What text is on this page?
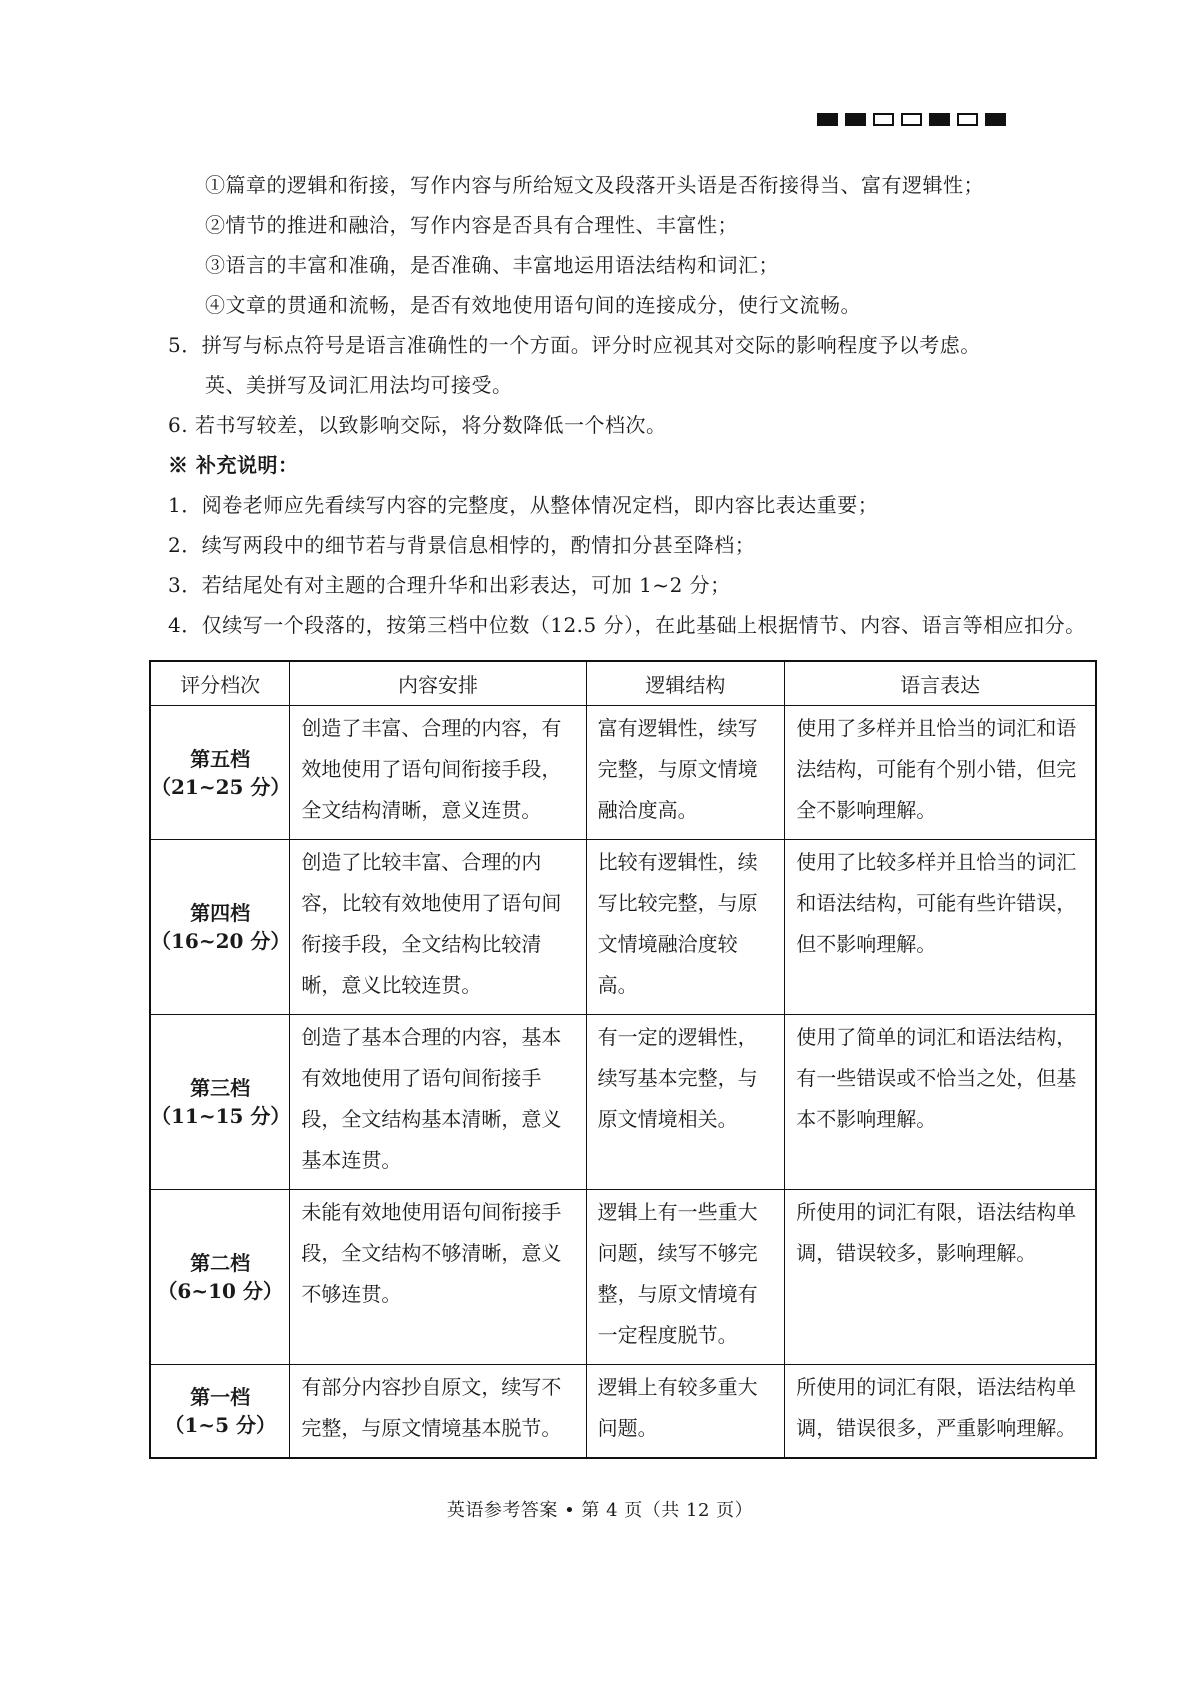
①篇章的逻辑和衔接，写作内容与所给短文及段落开头语是否衔接得当、富有逻辑性；
②情节的推进和融洽，写作内容是否具有合理性、丰富性；
③语言的丰富和准确，是否准确、丰富地运用语法结构和词汇；
④文章的贯通和流畅，是否有效地使用语句间的连接成分，使行文流畅。
5．拼写与标点符号是语言准确性的一个方面。评分时应视其对交际的影响程度予以考虑。
英、美拼写及词汇用法均可接受。
6. 若书写较差，以致影响交际，将分数降低一个档次。
※ 补充说明：
1．阅卷老师应先看续写内容的完整度，从整体情况定档，即内容比表达重要；
2．续写两段中的细节若与背景信息相悖的，酌情扣分甚至降档；
3．若结尾处有对主题的合理升华和出彩表达，可加 1~2 分；
4．仅续写一个段落的，按第三档中位数（12.5 分），在此基础上根据情节、内容、语言等相应扣分。
评分档次	内容安排	逻辑结构	语言表达

第五档
（21~25 分）	创造了丰富、合理的内容，有效地使用了语句间衔接手段，全文结构清晰，意义连贯。	富有逻辑性，续写完整，与原文情境融洽度高。	使用了多样并且恰当的词汇和语法结构，可能有个别小错，但完全不影响理解。

第四档
（16~20 分）	创造了比较丰富、合理的内容，比较有效地使用了语句间衔接手段，全文结构比较清晰，意义比较连贯。	比较有逻辑性，续写比较完整，与原文情境融洽度较高。	使用了比较多样并且恰当的词汇和语法结构，可能有些许错误，但不影响理解。

第三档
（11~15 分）	创造了基本合理的内容，基本有效地使用了语句间衔接手段，全文结构基本清晰，意义基本连贯。	有一定的逻辑性，续写基本完整，与原文情境相关。	使用了简单的词汇和语法结构，有一些错误或不恰当之处，但基本不影响理解。

第二档
（6~10 分）	未能有效地使用语句间衔接手段，全文结构不够清晰，意义不够连贯。	逻辑上有一些重大问题，续写不够完整，与原文情境有一定程度脱节。	所使用的词汇有限，语法结构单调，错误较多，影响理解。

第一档
（1~5 分）	有部分内容抄自原文，续写不完整，与原文情境基本脱节。	逻辑上有较多重大问题。	所使用的词汇有限，语法结构单调，错误很多，严重影响理解。
英语参考答案 • 第 4 页（共 12 页）
